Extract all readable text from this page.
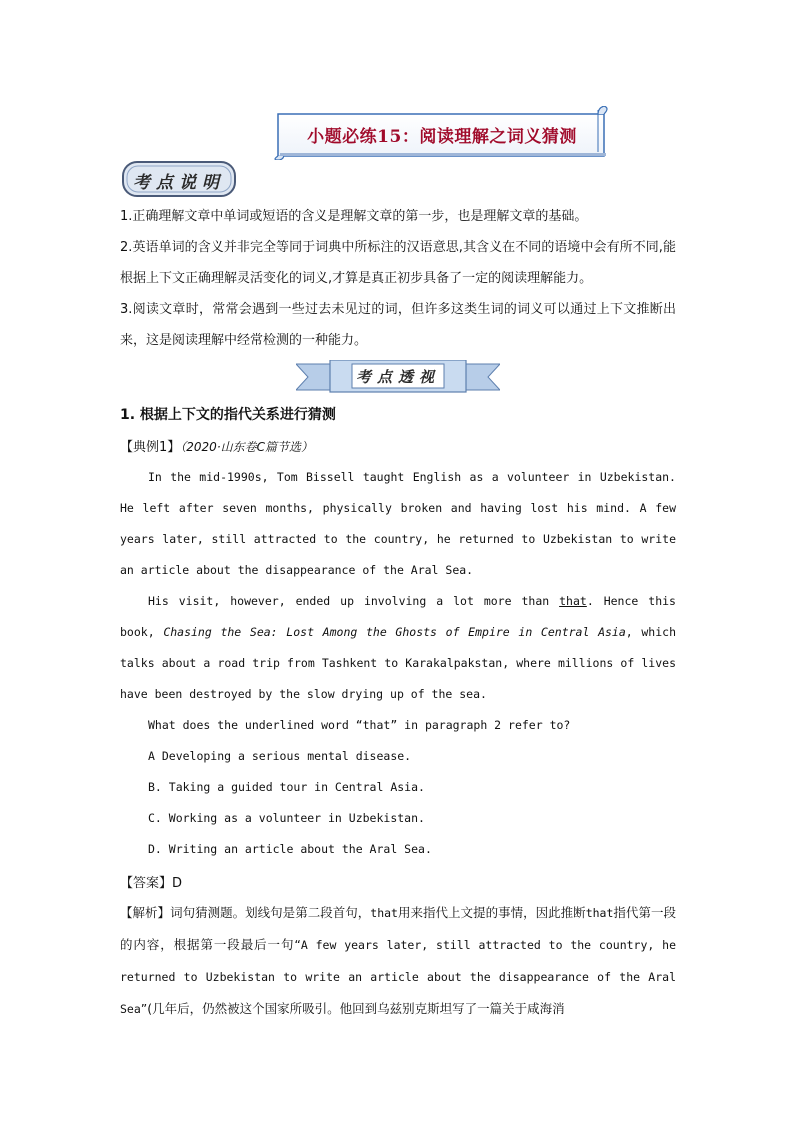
小题必练15：阅读理解之词义猜测
考点说明
1.正确理解文章中单词或短语的含义是理解文章的第一步，也是理解文章的基础。
2.英语单词的含义并非完全等同于词典中所标注的汉语意思,其含义在不同的语境中会有所不同,能根据上下文正确理解灵活变化的词义,才算是真正初步具备了一定的阅读理解能力。
3.阅读文章时，常常会遇到一些过去未见过的词，但许多这类生词的词义可以通过上下文推断出来，这是阅读理解中经常检测的一种能力。
考点透视
1. 根据上下文的指代关系进行猜测
【典例1】（2020·山东卷C篇节选）
In the mid-1990s, Tom Bissell taught English as a volunteer in Uzbekistan. He left after seven months, physically broken and having lost his mind. A few years later, still attracted to the country, he returned to Uzbekistan to write an article about the disappearance of the Aral Sea.
His visit, however, ended up involving a lot more than that. Hence this book, Chasing the Sea: Lost Among the Ghosts of Empire in Central Asia, which talks about a road trip from Tashkent to Karakalpakstan, where millions of lives have been destroyed by the slow drying up of the sea.
What does the underlined word “that” in paragraph 2 refer to?
A Developing a serious mental disease.
B. Taking a guided tour in Central Asia.
C. Working as a volunteer in Uzbekistan.
D. Writing an article about the Aral Sea.
【答案】D
【解析】词句猜测题。划线句是第二段首句，that用来指代上文提的事情，因此推断that指代第一段的内容，根据第一段最后一句“A few years later, still attracted to the country, he returned to Uzbekistan to write an article about the disappearance of the Aral Sea”(几年后，仍然被这个国家所吸引。他回到乌兹别克斯坦写了一篇关于咸海消
